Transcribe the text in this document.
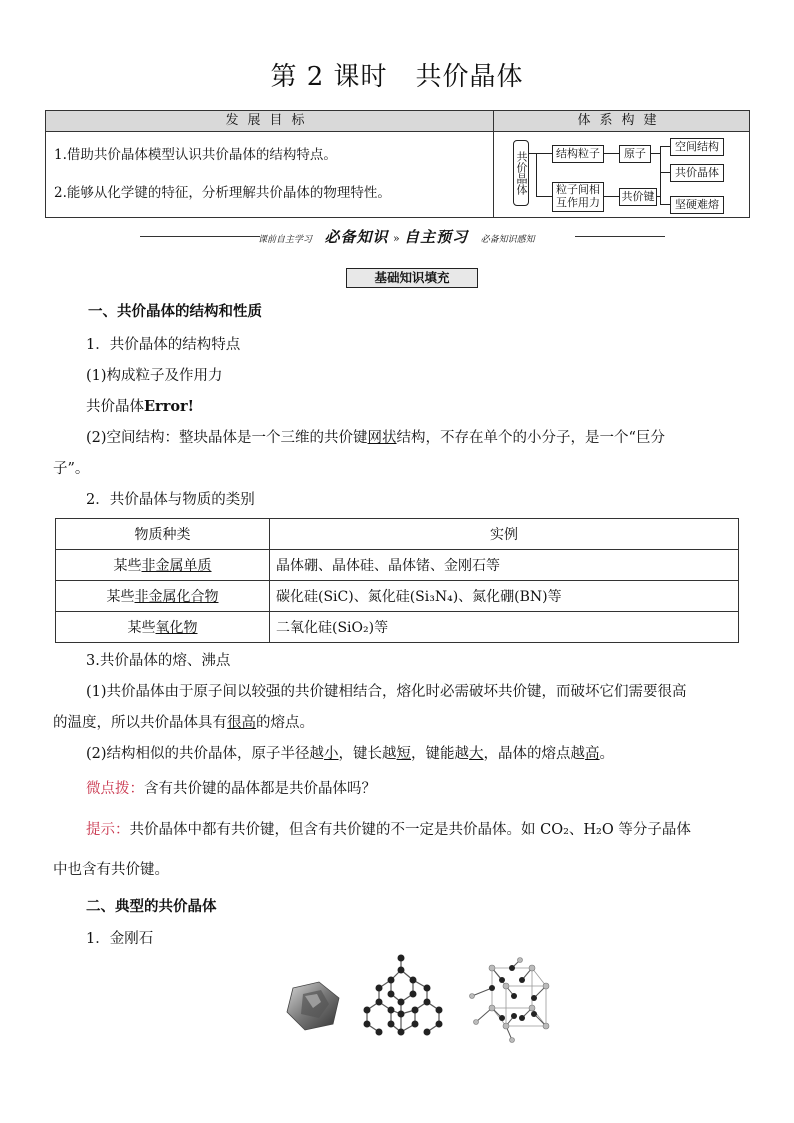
第 2 课时 共价晶体
发展目标	体系构建
1.借助共价晶体模型认识共价晶体的结构特点。
2.能够从化学键的特征，分析理解共价晶体的物理特性。	共价晶体	结构粒子	原子
粒子间相
互作用力 共价键
空间结构
共价晶体
坚硬难熔
课前自主学习 必备知识 » 自主预习 必备知识感知
基础知识填充
一、共价晶体的结构和性质
1．共价晶体的结构特点
(1)构成粒子及作用力
共价晶体Error!
(2)空间结构：整块晶体是一个三维的共价键网状结构，不存在单个的小分子，是一个“巨分
子”。
2．共价晶体与物质的类别
物质种类	实例
某些非金属单质	晶体硼、晶体硅、晶体锗、金刚石等
某些非金属化合物	碳化硅(SiC)、氮化硅(Si₃N₄)、氮化硼(BN)等
某些氧化物	二氧化硅(SiO₂)等
3.共价晶体的熔、沸点
(1)共价晶体由于原子间以较强的共价键相结合，熔化时必需破坏共价键，而破坏它们需要很高
的温度，所以共价晶体具有很高的熔点。
(2)结构相似的共价晶体，原子半径越小，键长越短，键能越大，晶体的熔点越高。
微点拨：含有共价键的晶体都是共价晶体吗？
提示：共价晶体中都有共价键，但含有共价键的不一定是共价晶体。如 CO₂、H₂O 等分子晶体
中也含有共价键。
二、典型的共价晶体
1．金刚石
